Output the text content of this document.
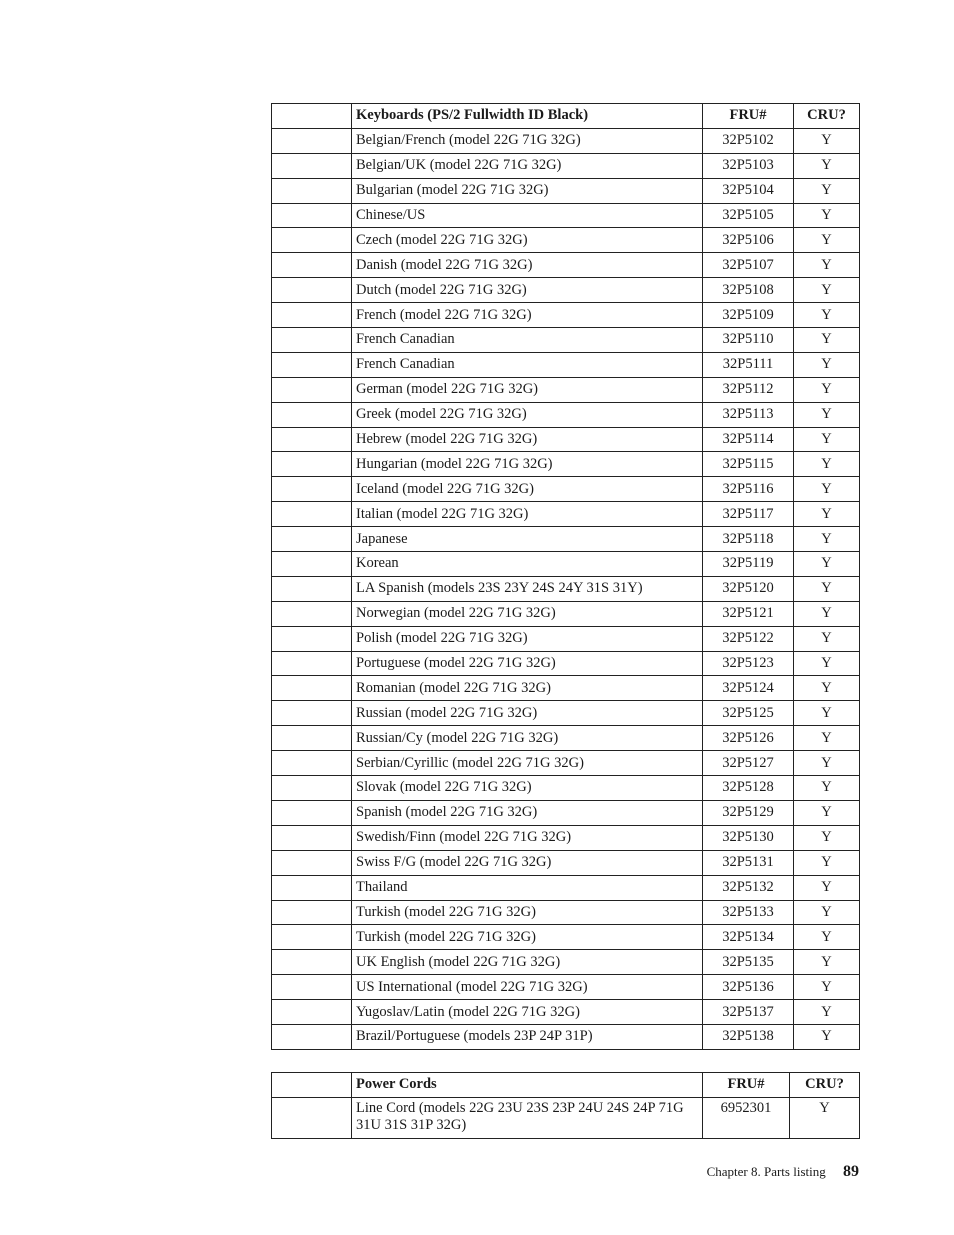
	Keyboards (PS/2 Fullwidth ID Black)	FRU#	CRU?
	Belgian/French (model 22G 71G 32G)	32P5102	Y
	Belgian/UK (model 22G 71G 32G)	32P5103	Y
	Bulgarian (model 22G 71G 32G)	32P5104	Y
	Chinese/US	32P5105	Y
	Czech (model 22G 71G 32G)	32P5106	Y
	Danish (model 22G 71G 32G)	32P5107	Y
	Dutch (model 22G 71G 32G)	32P5108	Y
	French (model 22G 71G 32G)	32P5109	Y
	French Canadian	32P5110	Y
	French Canadian	32P5111	Y
	German (model 22G 71G 32G)	32P5112	Y
	Greek (model 22G 71G 32G)	32P5113	Y
	Hebrew (model 22G 71G 32G)	32P5114	Y
	Hungarian (model 22G 71G 32G)	32P5115	Y
	Iceland (model 22G 71G 32G)	32P5116	Y
	Italian (model 22G 71G 32G)	32P5117	Y
	Japanese	32P5118	Y
	Korean	32P5119	Y
	LA Spanish (models 23S 23Y 24S 24Y 31S 31Y)	32P5120	Y
	Norwegian (model 22G 71G 32G)	32P5121	Y
	Polish (model 22G 71G 32G)	32P5122	Y
	Portuguese (model 22G 71G 32G)	32P5123	Y
	Romanian (model 22G 71G 32G)	32P5124	Y
	Russian (model 22G 71G 32G)	32P5125	Y
	Russian/Cy (model 22G 71G 32G)	32P5126	Y
	Serbian/Cyrillic (model 22G 71G 32G)	32P5127	Y
	Slovak (model 22G 71G 32G)	32P5128	Y
	Spanish (model 22G 71G 32G)	32P5129	Y
	Swedish/Finn (model 22G 71G 32G)	32P5130	Y
	Swiss F/G (model 22G 71G 32G)	32P5131	Y
	Thailand	32P5132	Y
	Turkish (model 22G 71G 32G)	32P5133	Y
	Turkish (model 22G 71G 32G)	32P5134	Y
	UK English (model 22G 71G 32G)	32P5135	Y
	US International (model 22G 71G 32G)	32P5136	Y
	Yugoslav/Latin (model 22G 71G 32G)	32P5137	Y
	Brazil/Portuguese (models 23P 24P 31P)	32P5138	Y
	Power Cords	FRU#	CRU?
	Line Cord (models 22G 23U 23S 23P 24U 24S 24P 71G 31U 31S 31P 32G)	6952301	Y
Chapter 8. Parts listing 89
